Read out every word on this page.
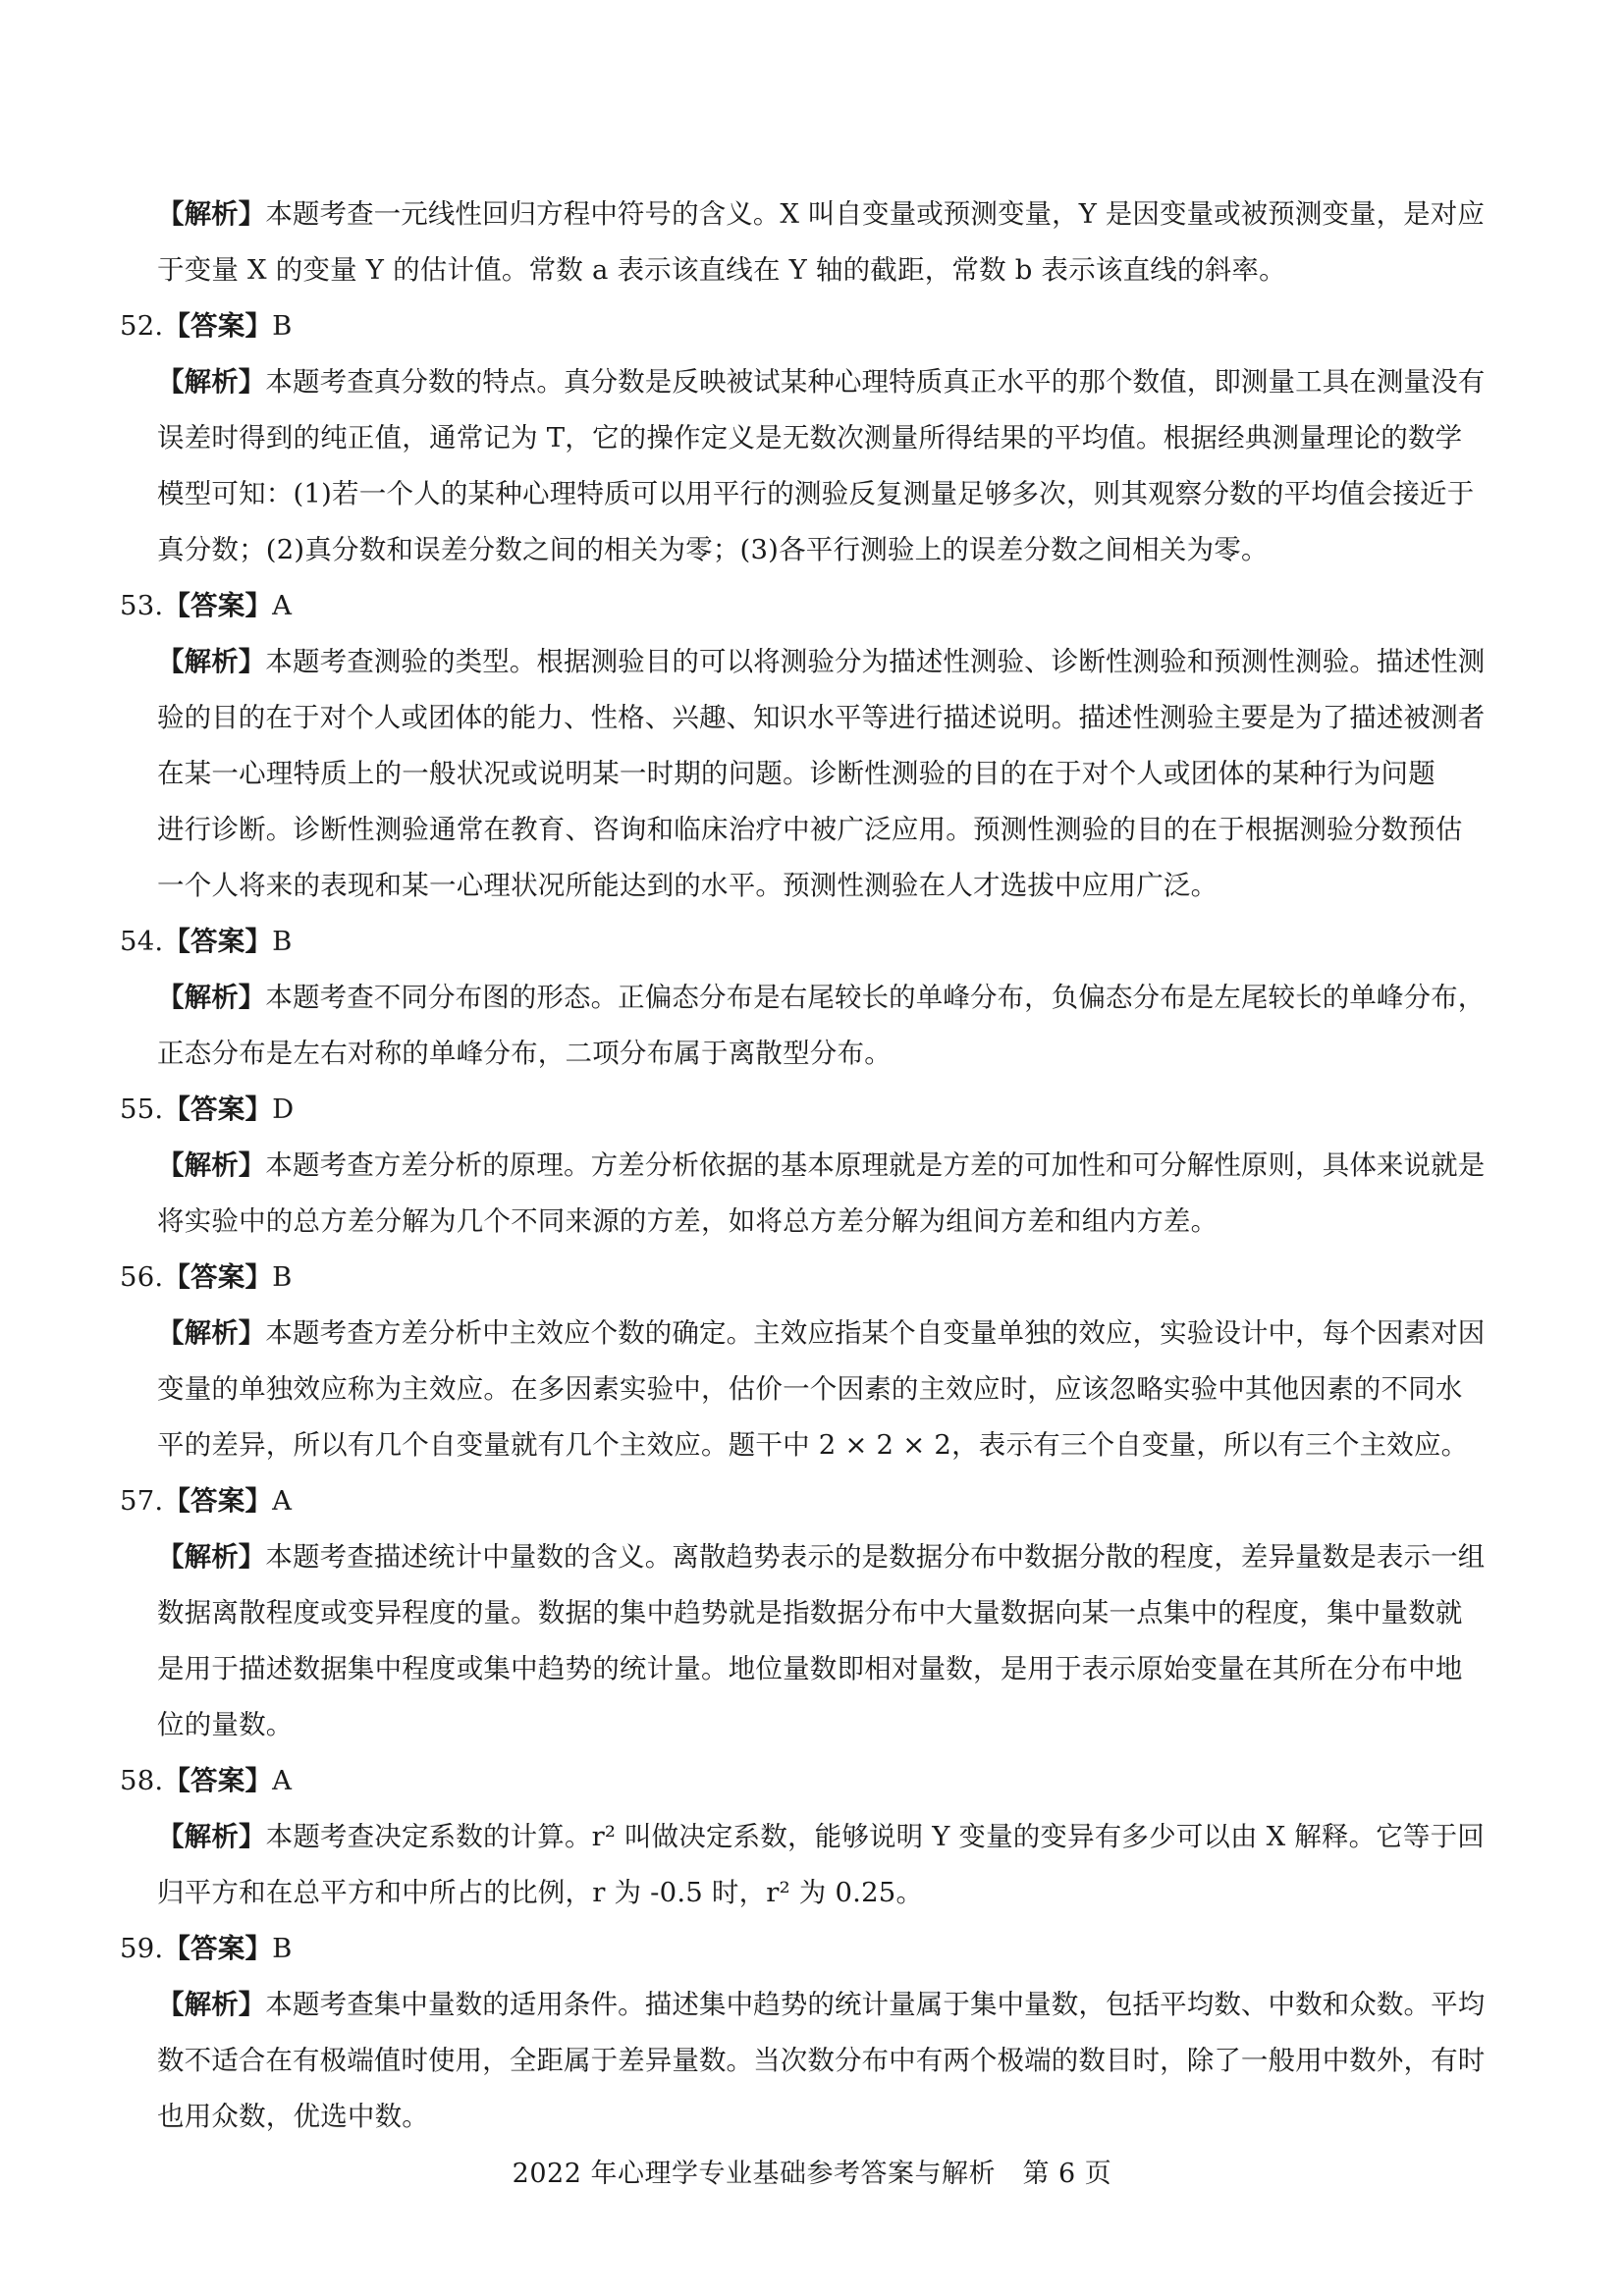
【解析】本题考查一元线性回归方程中符号的含义。X 叫自变量或预测变量，Y 是因变量或被预测变量，是对应
于变量 X 的变量 Y 的估计值。常数 a 表示该直线在 Y 轴的截距，常数 b 表示该直线的斜率。
52.【答案】B
【解析】本题考查真分数的特点。真分数是反映被试某种心理特质真正水平的那个数值，即测量工具在测量没有
误差时得到的纯正值，通常记为 T，它的操作定义是无数次测量所得结果的平均值。根据经典测量理论的数学
模型可知：(1)若一个人的某种心理特质可以用平行的测验反复测量足够多次，则其观察分数的平均值会接近于
真分数；(2)真分数和误差分数之间的相关为零；(3)各平行测验上的误差分数之间相关为零。
53.【答案】A
【解析】本题考查测验的类型。根据测验目的可以将测验分为描述性测验、诊断性测验和预测性测验。描述性测
验的目的在于对个人或团体的能力、性格、兴趣、知识水平等进行描述说明。描述性测验主要是为了描述被测者
在某一心理特质上的一般状况或说明某一时期的问题。诊断性测验的目的在于对个人或团体的某种行为问题
进行诊断。诊断性测验通常在教育、咨询和临床治疗中被广泛应用。预测性测验的目的在于根据测验分数预估
一个人将来的表现和某一心理状况所能达到的水平。预测性测验在人才选拔中应用广泛。
54.【答案】B
【解析】本题考查不同分布图的形态。正偏态分布是右尾较长的单峰分布，负偏态分布是左尾较长的单峰分布，
正态分布是左右对称的单峰分布，二项分布属于离散型分布。
55.【答案】D
【解析】本题考查方差分析的原理。方差分析依据的基本原理就是方差的可加性和可分解性原则，具体来说就是
将实验中的总方差分解为几个不同来源的方差，如将总方差分解为组间方差和组内方差。
56.【答案】B
【解析】本题考查方差分析中主效应个数的确定。主效应指某个自变量单独的效应，实验设计中，每个因素对因
变量的单独效应称为主效应。在多因素实验中，估价一个因素的主效应时，应该忽略实验中其他因素的不同水
平的差异，所以有几个自变量就有几个主效应。题干中 2 × 2 × 2，表示有三个自变量，所以有三个主效应。
57.【答案】A
【解析】本题考查描述统计中量数的含义。离散趋势表示的是数据分布中数据分散的程度，差异量数是表示一组
数据离散程度或变异程度的量。数据的集中趋势就是指数据分布中大量数据向某一点集中的程度，集中量数就
是用于描述数据集中程度或集中趋势的统计量。地位量数即相对量数，是用于表示原始变量在其所在分布中地
位的量数。
58.【答案】A
【解析】本题考查决定系数的计算。r² 叫做决定系数，能够说明 Y 变量的变异有多少可以由 X 解释。它等于回
归平方和在总平方和中所占的比例，r 为 -0.5 时，r² 为 0.25。
59.【答案】B
【解析】本题考查集中量数的适用条件。描述集中趋势的统计量属于集中量数，包括平均数、中数和众数。平均
数不适合在有极端值时使用，全距属于差异量数。当次数分布中有两个极端的数目时，除了一般用中数外，有时
也用众数，优选中数。
2022 年心理学专业基础参考答案与解析　第 6 页
